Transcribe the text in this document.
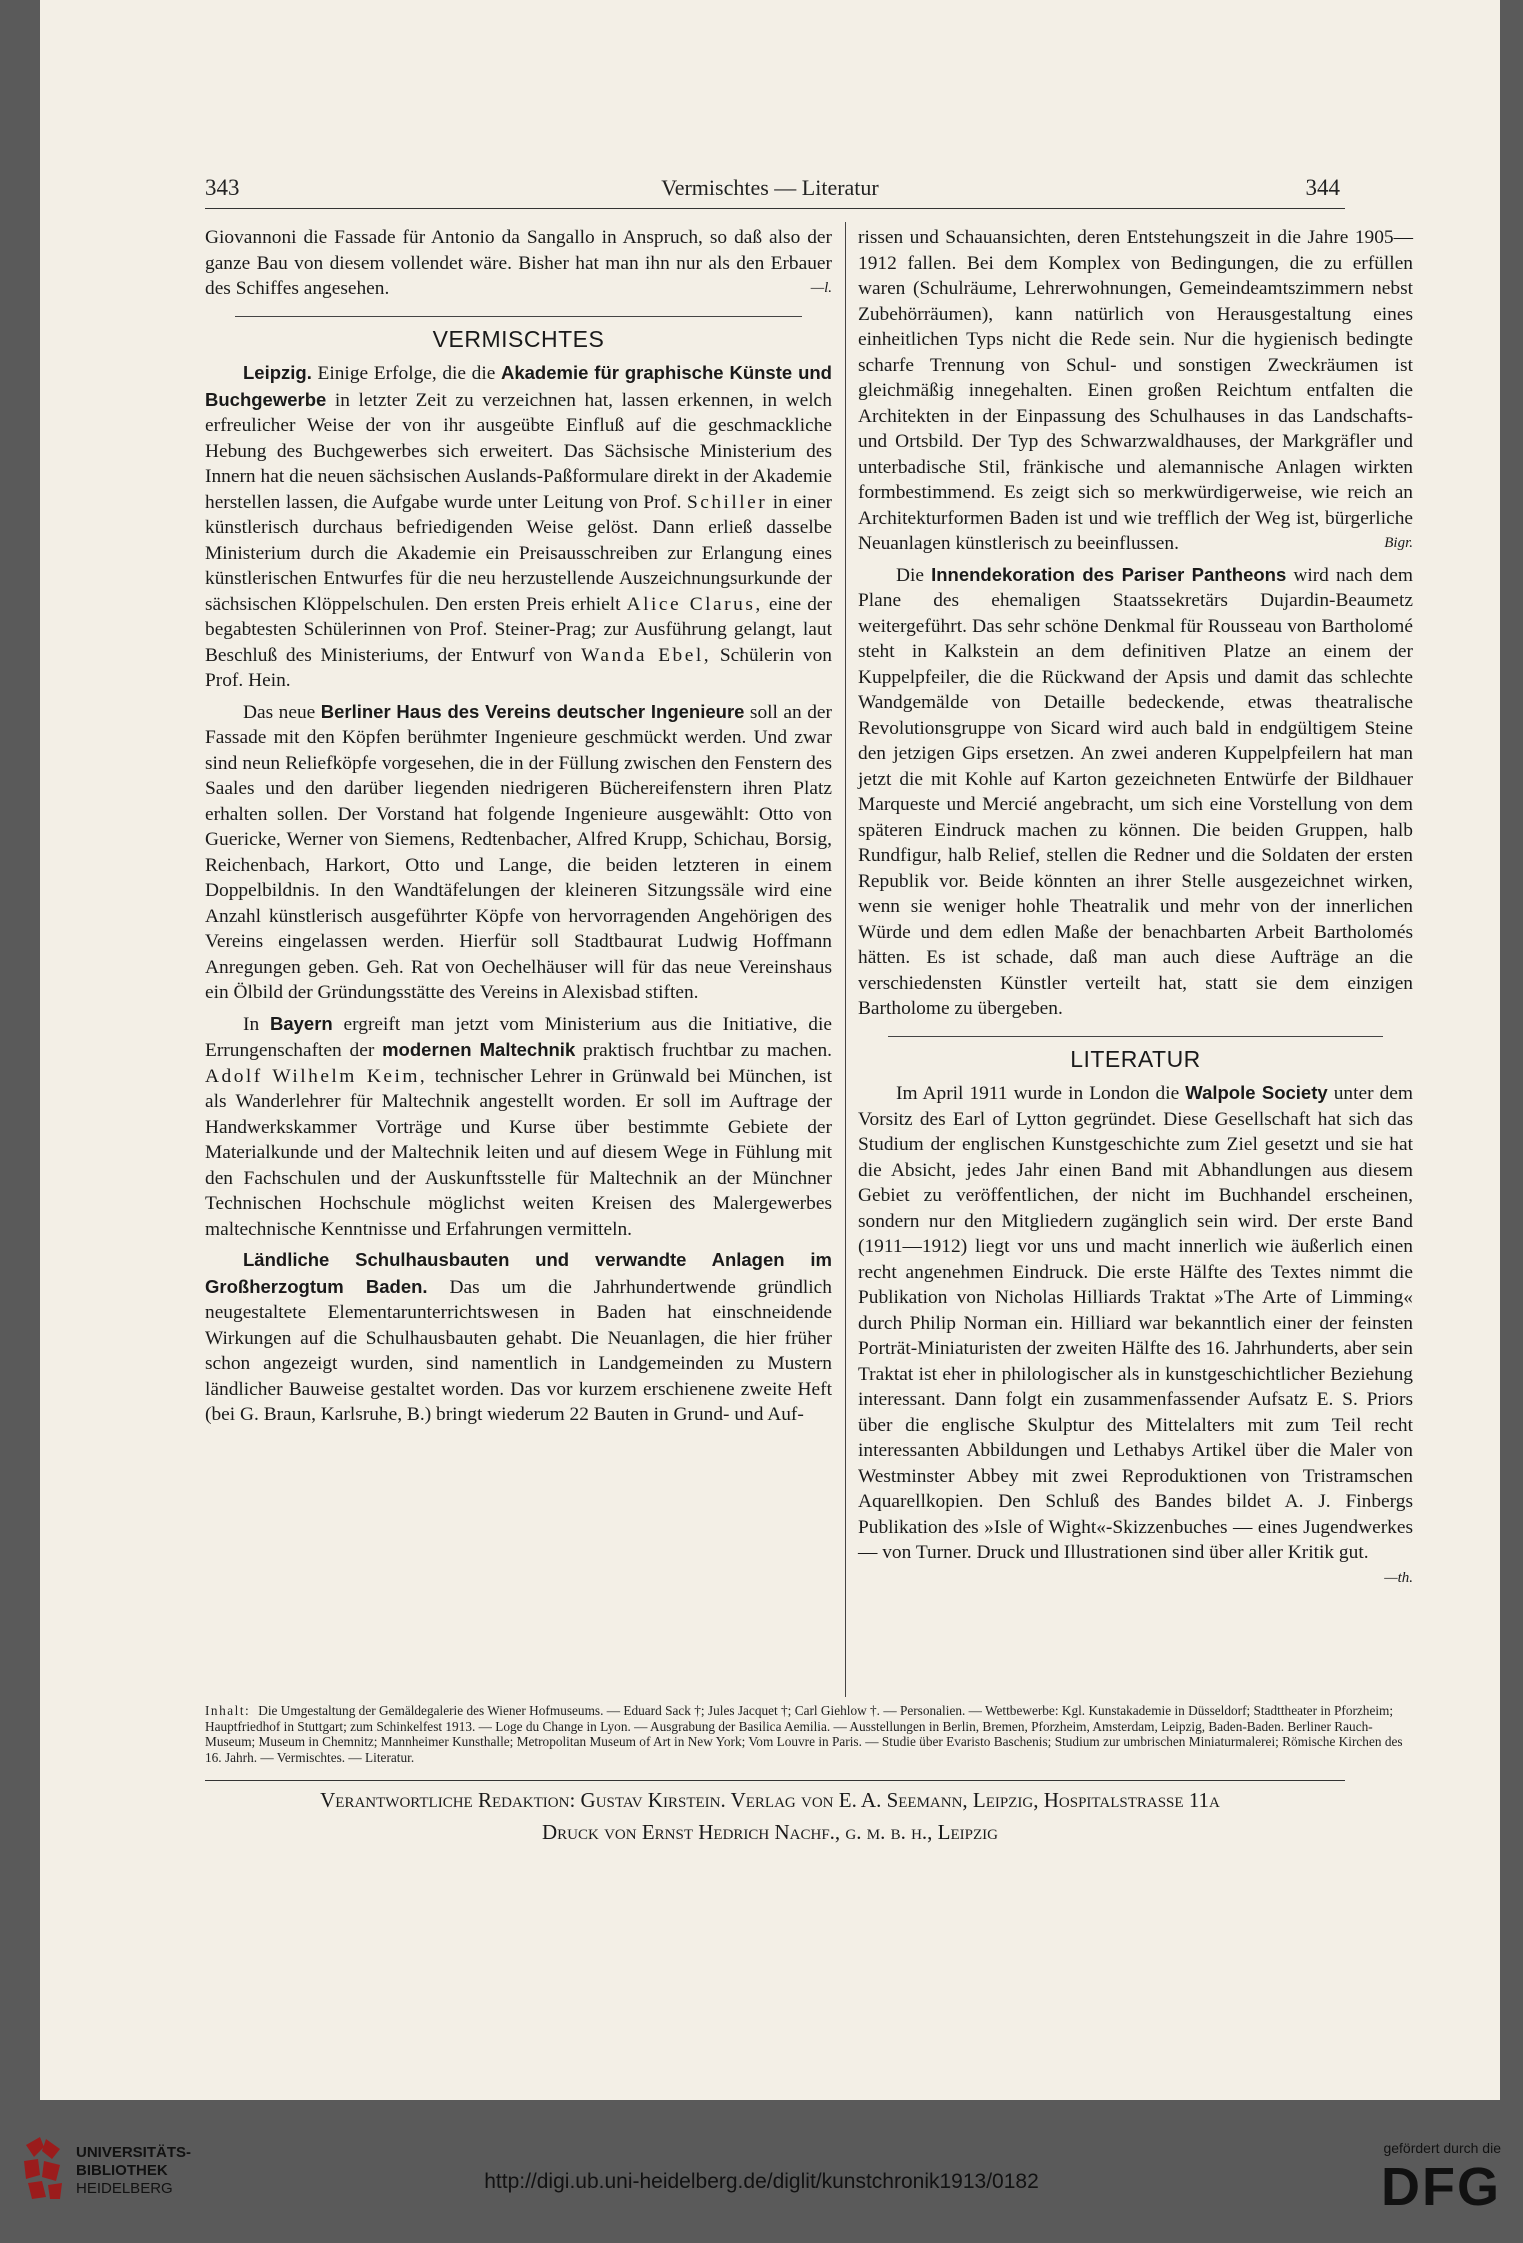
343	Vermischtes — Literatur	344

Giovannoni die Fassade für Antonio da Sangallo in Anspruch, so daß also der ganze Bau von diesem vollendet wäre. Bisher hat man ihn nur als den Erbauer des Schiffes angesehen.	—l.

VERMISCHTES

Leipzig. Einige Erfolge, die die Akademie für graphische Künste und Buchgewerbe in letzter Zeit zu verzeichnen hat, lassen erkennen, in welch erfreulicher Weise der von ihr ausgeübte Einfluß auf die geschmackliche Hebung des Buchgewerbes sich erweitert. Das Sächsische Ministerium des Innern hat die neuen sächsischen Auslands-Paßformulare direkt in der Akademie herstellen lassen, die Aufgabe wurde unter Leitung von Prof. Schiller in einer künstlerisch durchaus befriedigenden Weise gelöst. Dann erließ dasselbe Ministerium durch die Akademie ein Preisausschreiben zur Erlangung eines künstlerischen Entwurfes für die neu herzustellende Auszeichnungsurkunde der sächsischen Klöppelschulen. Den ersten Preis erhielt Alice Clarus, eine der begabtesten Schülerinnen von Prof. Steiner-Prag; zur Ausführung gelangt, laut Beschluß des Ministeriums, der Entwurf von Wanda Ebel, Schülerin von Prof. Hein.

Das neue Berliner Haus des Vereins deutscher Ingenieure soll an der Fassade mit den Köpfen berühmter Ingenieure geschmückt werden. Und zwar sind neun Reliefköpfe vorgesehen, die in der Füllung zwischen den Fenstern des Saales und den darüber liegenden niedrigeren Büchereifenstern ihren Platz erhalten sollen. Der Vorstand hat folgende Ingenieure ausgewählt: Otto von Guericke, Werner von Siemens, Redtenbacher, Alfred Krupp, Schichau, Borsig, Reichenbach, Harkort, Otto und Lange, die beiden letzteren in einem Doppelbildnis. In den Wandtäfelungen der kleineren Sitzungssäle wird eine Anzahl künstlerisch ausgeführter Köpfe von hervorragenden Angehörigen des Vereins eingelassen werden. Hierfür soll Stadtbaurat Ludwig Hoffmann Anregungen geben. Geh. Rat von Oechelhäuser will für das neue Vereinshaus ein Ölbild der Gründungsstätte des Vereins in Alexisbad stiften.

In Bayern ergreift man jetzt vom Ministerium aus die Initiative, die Errungenschaften der modernen Maltechnik praktisch fruchtbar zu machen. Adolf Wilhelm Keim, technischer Lehrer in Grünwald bei München, ist als Wanderlehrer für Maltechnik angestellt worden. Er soll im Auftrage der Handwerkskammer Vorträge und Kurse über bestimmte Gebiete der Materialkunde und der Maltechnik leiten und auf diesem Wege in Fühlung mit den Fachschulen und der Auskunftsstelle für Maltechnik an der Münchner Technischen Hochschule möglichst weiten Kreisen des Malergewerbes maltechnische Kenntnisse und Erfahrungen vermitteln.

Ländliche Schulhausbauten und verwandte Anlagen im Großherzogtum Baden. Das um die Jahrhundertwende gründlich neugestaltete Elementarunterrichtswesen in Baden hat einschneidende Wirkungen auf die Schulhausbauten gehabt. Die Neuanlagen, die hier früher schon angezeigt wurden, sind namentlich in Landgemeinden zu Mustern ländlicher Bauweise gestaltet worden. Das vor kurzem erschienene zweite Heft (bei G. Braun, Karlsruhe, B.) bringt wiederum 22 Bauten in Grund- und Auf-

rissen und Schauansichten, deren Entstehungszeit in die Jahre 1905—1912 fallen. Bei dem Komplex von Bedingungen, die zu erfüllen waren (Schulräume, Lehrerwohnungen, Gemeindeamtszimmern nebst Zubehörräumen), kann natürlich von Herausgestaltung eines einheitlichen Typs nicht die Rede sein. Nur die hygienisch bedingte scharfe Trennung von Schul- und sonstigen Zweckräumen ist gleichmäßig innegehalten. Einen großen Reichtum entfalten die Architekten in der Einpassung des Schulhauses in das Landschafts- und Ortsbild. Der Typ des Schwarzwaldhauses, der Markgräfler und unterbadische Stil, fränkische und alemannische Anlagen wirkten formbestimmend. Es zeigt sich so merkwürdigerweise, wie reich an Architekturformen Baden ist und wie trefflich der Weg ist, bürgerliche Neuanlagen künstlerisch zu beeinflussen.	Bigr.

Die Innendekoration des Pariser Pantheons wird nach dem Plane des ehemaligen Staatssekretärs Dujardin-Beaumetz weitergeführt. Das sehr schöne Denkmal für Rousseau von Bartholomé steht in Kalkstein an dem definitiven Platze an einem der Kuppelpfeiler, die die Rückwand der Apsis und damit das schlechte Wandgemälde von Detaille bedeckende, etwas theatralische Revolutionsgruppe von Sicard wird auch bald in endgültigem Steine den jetzigen Gips ersetzen. An zwei anderen Kuppelpfeilern hat man jetzt die mit Kohle auf Karton gezeichneten Entwürfe der Bildhauer Marqueste und Mercié angebracht, um sich eine Vorstellung von dem späteren Eindruck machen zu können. Die beiden Gruppen, halb Rundfigur, halb Relief, stellen die Redner und die Soldaten der ersten Republik vor. Beide könnten an ihrer Stelle ausgezeichnet wirken, wenn sie weniger hohle Theatralik und mehr von der innerlichen Würde und dem edlen Maße der benachbarten Arbeit Bartholomés hätten. Es ist schade, daß man auch diese Aufträge an die verschiedensten Künstler verteilt hat, statt sie dem einzigen Bartholome zu übergeben.

LITERATUR

Im April 1911 wurde in London die Walpole Society unter dem Vorsitz des Earl of Lytton gegründet. Diese Gesellschaft hat sich das Studium der englischen Kunstgeschichte zum Ziel gesetzt und sie hat die Absicht, jedes Jahr einen Band mit Abhandlungen aus diesem Gebiet zu veröffentlichen, der nicht im Buchhandel erscheinen, sondern nur den Mitgliedern zugänglich sein wird. Der erste Band (1911—1912) liegt vor uns und macht innerlich wie äußerlich einen recht angenehmen Eindruck. Die erste Hälfte des Textes nimmt die Publikation von Nicholas Hilliards Traktat »The Arte of Limming« durch Philip Norman ein. Hilliard war bekanntlich einer der feinsten Porträt-Miniaturisten der zweiten Hälfte des 16. Jahrhunderts, aber sein Traktat ist eher in philologischer als in kunstgeschichtlicher Beziehung interessant. Dann folgt ein zusammenfassender Aufsatz E. S. Priors über die englische Skulptur des Mittelalters mit zum Teil recht interessanten Abbildungen und Lethabys Artikel über die Maler von Westminster Abbey mit zwei Reproduktionen von Tristramschen Aquarellkopien. Den Schluß des Bandes bildet A. J. Finbergs Publikation des »Isle of Wight«-Skizzenbuches — eines Jugendwerkes — von Turner. Druck und Illustrationen sind über aller Kritik gut.
—th.

Inhalt: Die Umgestaltung der Gemäldegalerie des Wiener Hofmuseums. — Eduard Sack †; Jules Jacquet †; Carl Giehlow †. — Personalien. — Wettbewerbe: Kgl. Kunstakademie in Düsseldorf; Stadttheater in Pforzheim; Hauptfriedhof in Stuttgart; zum Schinkelfest 1913. — Loge du Change in Lyon. — Ausgrabung der Basilica Aemilia. — Ausstellungen in Berlin, Bremen, Pforzheim, Amsterdam, Leipzig, Baden-Baden. Berliner Rauch-Museum; Museum in Chemnitz; Mannheimer Kunsthalle; Metropolitan Museum of Art in New York; Vom Louvre in Paris. — Studie über Evaristo Baschenis; Studium zur umbrischen Miniaturmalerei; Römische Kirchen des 16. Jahrh. — Vermischtes. — Literatur.
Verantwortliche Redaktion: Gustav Kirstein. Verlag von E. A. Seemann, Leipzig, Hospitalstraße 11a
Druck von Ernst Hedrich Nachf., g. m. b. h., Leipzig
UNIVERSITÄTS-
BIBLIOTHEK
HEIDELBERG	http://digi.ub.uni-heidelberg.de/diglit/kunstchronik1913/0182
gefördert durch die
DFG
